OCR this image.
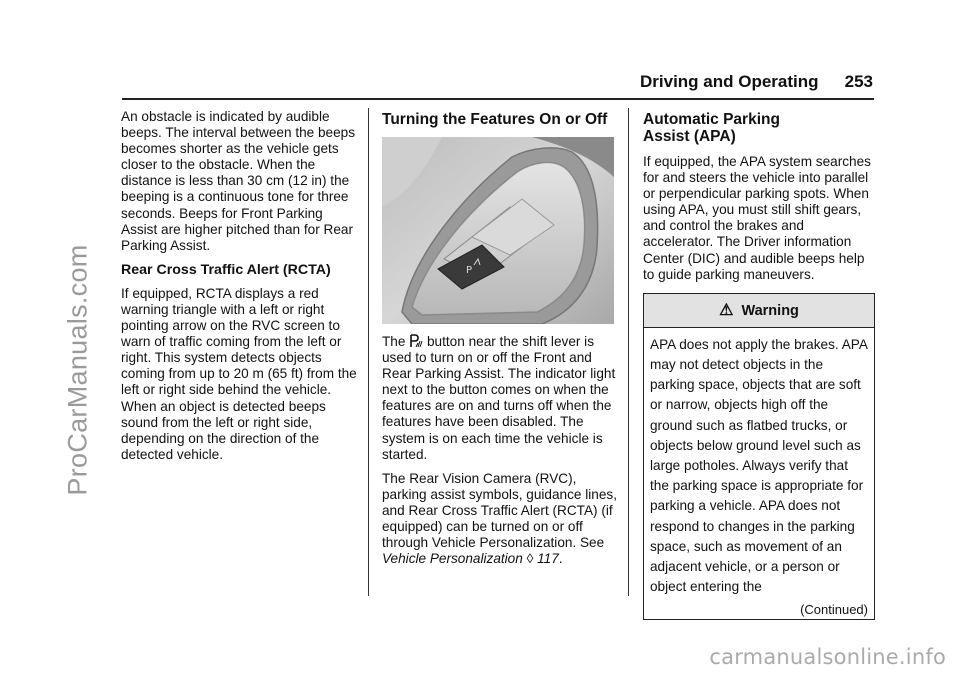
ProCarManuals.com
Driving and Operating 253

An obstacle is indicated by audible beeps. The interval between the beeps becomes shorter as the vehicle gets closer to the obstacle. When the distance is less than 30 cm (12 in) the beeping is a continuous tone for three seconds. Beeps for Front Parking Assist are higher pitched than for Rear Parking Assist.

Rear Cross Traffic Alert (RCTA)

If equipped, RCTA displays a red warning triangle with a left or right pointing arrow on the RVC screen to warn of traffic coming from the left or right. This system detects objects coming from up to 20 m (65 ft) from the left or right side behind the vehicle. When an object is detected beeps sound from the left or right side, depending on the direction of the detected vehicle.

Turning the Features On or Off
P

The button near the shift lever is used to turn on or off the Front and Rear Parking Assist. The indicator light next to the button comes on when the features are on and turns off when the features have been disabled. The system is on each time the vehicle is started.

The Rear Vision Camera (RVC), parking assist symbols, guidance lines, and Rear Cross Traffic Alert (RCTA) (if equipped) can be turned on or off through Vehicle Personalization. See Vehicle Personalization ◊ 117.

Automatic Parking Assist (APA)

If equipped, the APA system searches for and steers the vehicle into parallel or perpendicular parking spots. When using APA, you must still shift gears, and control the brakes and accelerator. The Driver information Center (DIC) and audible beeps help to guide parking maneuvers.

⚠ Warning
APA does not apply the brakes. APA may not detect objects in the parking space, objects that are soft or narrow, objects high off the ground such as flatbed trucks, or objects below ground level such as large potholes. Always verify that the parking space is appropriate for parking a vehicle. APA does not respond to changes in the parking space, such as movement of an adjacent vehicle, or a person or object entering the
(Continued)
carmanualsonline.info
